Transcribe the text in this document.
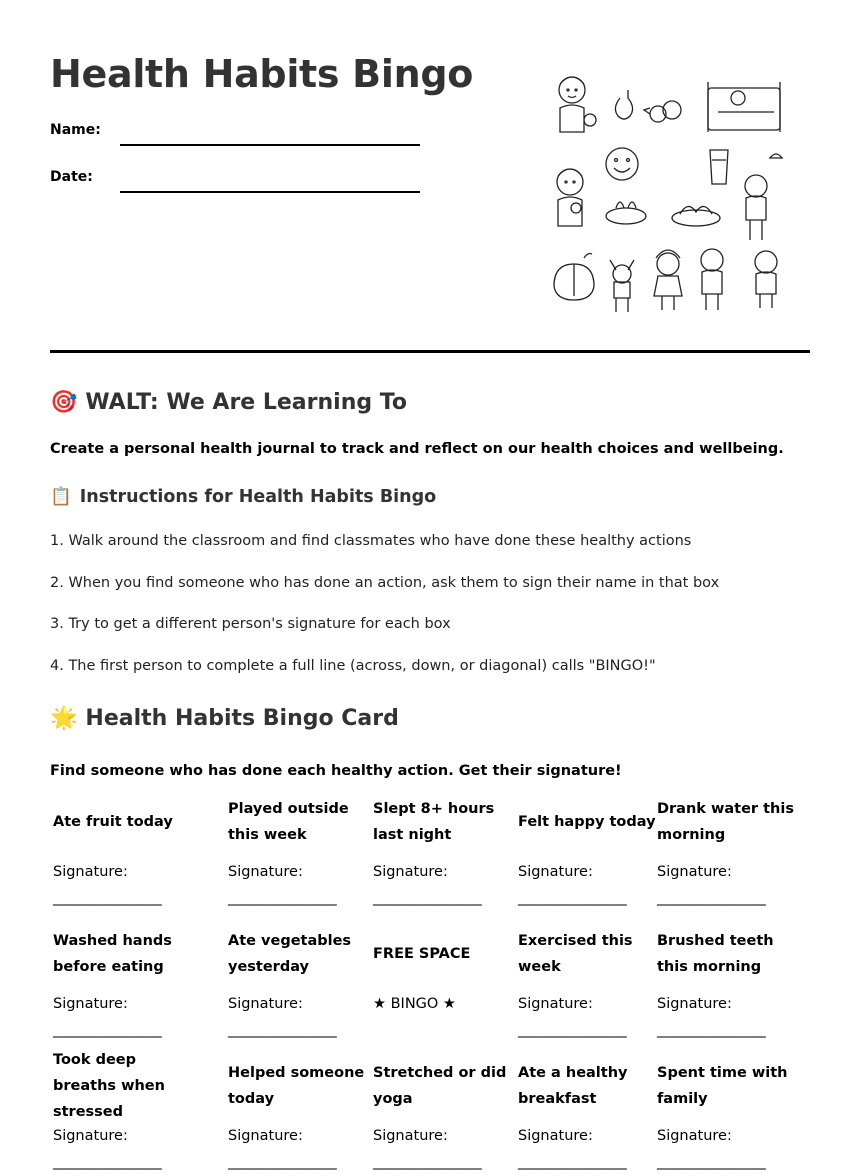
Health Habits Bingo
Name:
Date:
🎯 WALT: We Are Learning To
Create a personal health journal to track and reflect on our health choices and wellbeing.
📋 Instructions for Health Habits Bingo
1. Walk around the classroom and find classmates who have done these healthy actions
2. When you find someone who has done an action, ask them to sign their name in that box
3. Try to get a different person's signature for each box
4. The first person to complete a full line (across, down, or diagonal) calls "BINGO!"
🌟 Health Habits Bingo Card
Find someone who has done each healthy action. Get their signature!
Ate fruit today
Signature:
_______________
Played outside this week
Signature:
_______________
Slept 8+ hours last night
Signature:
_______________
Felt happy today
Signature:
_______________
Drank water this morning
Signature:
_______________
Washed hands before eating
Signature:
_______________
Ate vegetables yesterday
Signature:
_______________
FREE SPACE
★ BINGO ★
Exercised this week
Signature:
_______________
Brushed teeth this morning
Signature:
_______________
Took deep breaths when stressed
Signature:
_______________
Helped someone today
Signature:
_______________
Stretched or did yoga
Signature:
_______________
Ate a healthy breakfast
Signature:
_______________
Spent time with family
Signature:
_______________
